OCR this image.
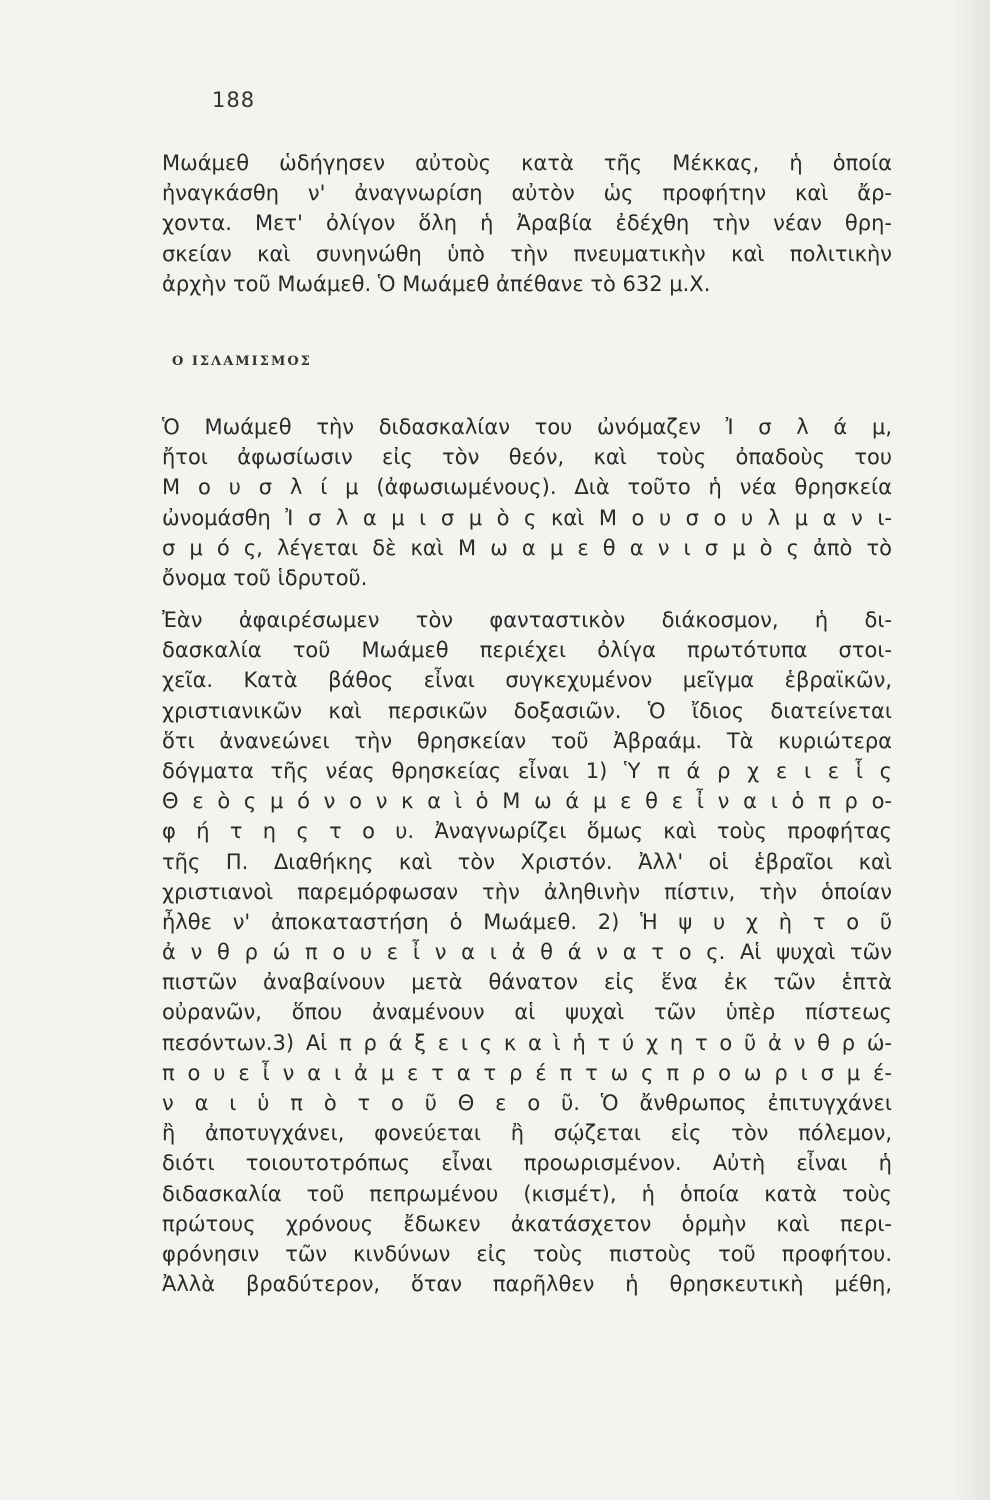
188
Μωάμεθ ὡδήγησεν αὐτοὺς κατὰ τῆς Μέκκας, ἡ ὁποία
ἠναγκάσθη ν' ἀναγνωρίση αὐτὸν ὡς προφήτην καὶ ἄρ-
χοντα. Μετ' ὀλίγον ὅλη ἡ Ἀραβία ἐδέχθη τὴν νέαν θρη-
σκείαν καὶ συνηνώθη ὑπὸ τὴν πνευματικὴν καὶ πολιτικὴν
ἀρχὴν τοῦ Μωάμεθ. Ὁ Μωάμεθ ἀπέθανε τὸ 632 μ.Χ.
Ο ΙΣΛΑΜΙΣΜΟΣ
Ὁ Μωάμεθ τὴν διδασκαλίαν του ὠνόμαζεν Ἰ σ λ ά μ,
ἤτοι ἀφωσίωσιν εἰς τὸν θεόν, καὶ τοὺς ὀπαδοὺς του
Μ ο υ σ λ ί μ (ἀφωσιωμένους). Διὰ τοῦτο ἡ νέα θρησκεία
ὠνομάσθη Ἰ σ λ α μ ι σ μ ὸ ς καὶ Μ ο υ σ ο υ λ μ α ν ι-
σ μ ό ς, λέγεται δὲ καὶ Μ ω α μ ε θ α ν ι σ μ ὸ ς ἀπὸ τὸ
ὄνομα τοῦ ἱδρυτοῦ.
Ἐὰν ἀφαιρέσωμεν τὸν φανταστικὸν διάκοσμον, ἡ δι-
δασκαλία τοῦ Μωάμεθ περιέχει ὀλίγα πρωτότυπα στοι-
χεῖα. Κατὰ βάθος εἶναι συγκεχυμένον μεῖγμα ἑβραϊκῶν,
χριστιανικῶν καὶ περσικῶν δοξασιῶν. Ὁ ἴδιος διατείνεται
ὅτι ἀνανεώνει τὴν θρησκείαν τοῦ Ἀβραάμ. Τὰ κυριώτερα
δόγματα τῆς νέας θρησκείας εἶναι 1) Ὑ π ά ρ χ ε ι ε ἷ ς
Θ ε ὸ ς μ ό ν ο ν κ α ὶ ὁ Μ ω ά μ ε θ ε ἶ ν α ι ὁ π ρ ο-
φ ή τ η ς τ ο υ. Ἀναγνωρίζει ὅμως καὶ τοὺς προφήτας
τῆς Π. Διαθήκης καὶ τὸν Χριστόν. Ἀλλ' οἱ ἑβραῖοι καὶ
χριστιανοὶ παρεμόρφωσαν τὴν ἀληθινὴν πίστιν, τὴν ὁποίαν
ἦλθε ν' ἀποκαταστήση ὁ Μωάμεθ. 2) Ἡ ψ υ χ ὴ τ ο ῦ
ἀ ν θ ρ ώ π ο υ ε ἶ ν α ι ἀ θ ά ν α τ ο ς. Αἱ ψυχαὶ τῶν
πιστῶν ἀναβαίνουν μετὰ θάνατον εἰς ἕνα ἐκ τῶν ἑπτὰ
οὐρανῶν, ὅπου ἀναμένουν αἱ ψυχαὶ τῶν ὑπὲρ πίστεως
πεσόντων.3) Αἱ π ρ ά ξ ε ι ς κ α ὶ ἡ τ ύ χ η τ ο ῦ ἀ ν θ ρ ώ-
π ο υ ε ἶ ν α ι ἀ μ ε τ α τ ρ έ π τ ω ς π ρ ο ω ρ ι σ μ έ-
ν α ι ὑ π ὸ τ ο ῦ Θ ε ο ῦ. Ὁ ἄνθρωπος ἐπιτυγχάνει
ἢ ἀποτυγχάνει, φονεύεται ἢ σῴζεται εἰς τὸν πόλεμον,
διότι τοιουτοτρόπως εἶναι προωρισμένον. Αὐτὴ εἶναι ἡ
διδασκαλία τοῦ πεπρωμένου (κισμέτ), ἡ ὁποία κατὰ τοὺς
πρώτους χρόνους ἔδωκεν ἀκατάσχετον ὁρμὴν καὶ περι-
φρόνησιν τῶν κινδύνων εἰς τοὺς πιστοὺς τοῦ προφήτου.
Ἀλλὰ βραδύτερον, ὅταν παρῆλθεν ἡ θρησκευτικὴ μέθη,
